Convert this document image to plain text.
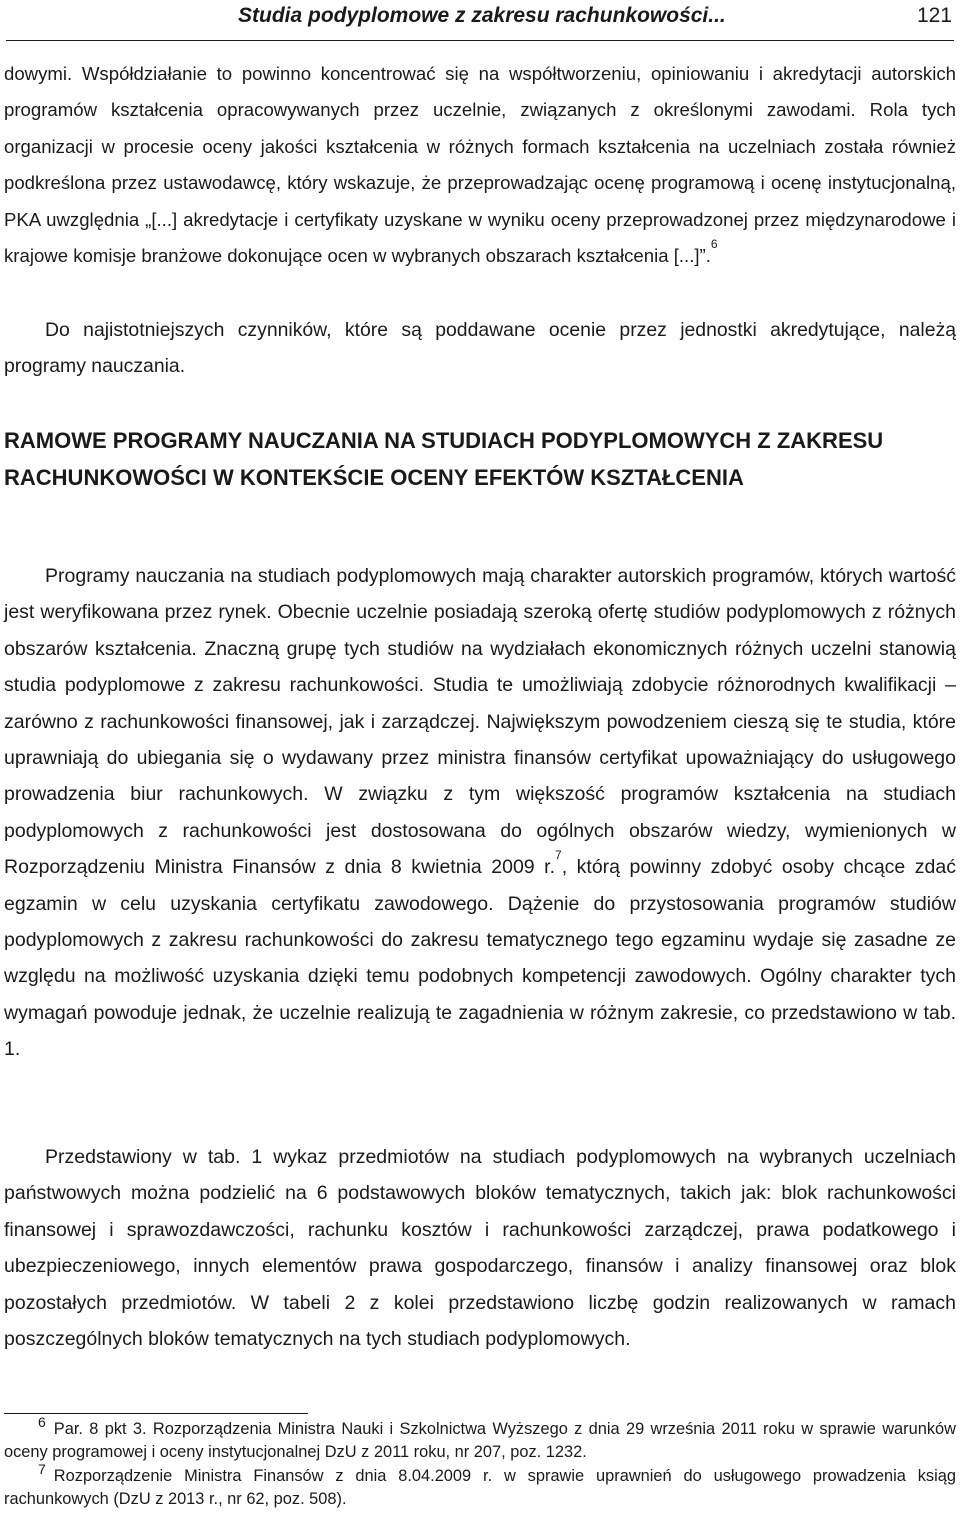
Studia podyplomowe z zakresu rachunkowości...	121

dowymi. Współdziałanie to powinno koncentrować się na współtworzeniu, opiniowaniu i akredytacji autorskich programów kształcenia opracowywanych przez uczelnie, związanych z określonymi zawodami. Rola tych organizacji w procesie oceny jakości kształcenia w różnych formach kształcenia na uczelniach została również podkreślona przez ustawodawcę, który wskazuje, że przeprowadzając ocenę programową i ocenę instytucjonalną, PKA uwzględnia „[...] akredytacje i certyfikaty uzyskane w wyniku oceny przeprowadzonej przez międzynarodowe i krajowe komisje branżowe dokonujące ocen w wybranych obszarach kształcenia [...]”.$^6$

Do najistotniejszych czynników, które są poddawane ocenie przez jednostki akredytujące, należą programy nauczania.

RAMOWE PROGRAMY NAUCZANIA NA STUDIACH PODYPLOMOWYCH Z ZAKRESU RACHUNKOWOŚCI W KONTEKŚCIE OCENY EFEKTÓW KSZTAŁCENIA

Programy nauczania na studiach podyplomowych mają charakter autorskich programów, których wartość jest weryfikowana przez rynek. Obecnie uczelnie posiadają szeroką ofertę studiów podyplomowych z różnych obszarów kształcenia. Znaczną grupę tych studiów na wydziałach ekonomicznych różnych uczelni stanowią studia podyplomowe z zakresu rachunkowości. Studia te umożliwiają zdobycie różnorodnych kwalifikacji – zarówno z rachunkowości finansowej, jak i zarządczej. Największym powodzeniem cieszą się te studia, które uprawniają do ubiegania się o wydawany przez ministra finansów certyfikat upoważniający do usługowego prowadzenia biur rachunkowych. W związku z tym większość programów kształcenia na studiach podyplomowych z rachunkowości jest dostosowana do ogólnych obszarów wiedzy, wymienionych w Rozporządzeniu Ministra Finansów z dnia 8 kwietnia 2009 r.$^7$, którą powinny zdobyć osoby chcące zdać egzamin w celu uzyskania certyfikatu zawodowego. Dążenie do przystosowania programów studiów podyplomowych z zakresu rachunkowości do zakresu tematycznego tego egzaminu wydaje się zasadne ze względu na możliwość uzyskania dzięki temu podobnych kompetencji zawodowych. Ogólny charakter tych wymagań powoduje jednak, że uczelnie realizują te zagadnienia w różnym zakresie, co przedstawiono w tab. 1.

Przedstawiony w tab. 1 wykaz przedmiotów na studiach podyplomowych na wybranych uczelniach państwowych można podzielić na 6 podstawowych bloków tematycznych, takich jak: blok rachunkowości finansowej i sprawozdawczości, rachunku kosztów i rachunkowości zarządczej, prawa podatkowego i ubezpieczeniowego, innych elementów prawa gospodarczego, finansów i analizy finansowej oraz blok pozostałych przedmiotów. W tabeli 2 z kolei przedstawiono liczbę godzin realizowanych w ramach poszczególnych bloków tematycznych na tych studiach podyplomowych.

6 Par. 8 pkt 3. Rozporządzenia Ministra Nauki i Szkolnictwa Wyższego z dnia 29 września 2011 roku w sprawie warunków oceny programowej i oceny instytucjonalnej DzU z 2011 roku, nr 207, poz. 1232.

7 Rozporządzenie Ministra Finansów z dnia 8.04.2009 r. w sprawie uprawnień do usługowego prowadzenia ksiąg rachunkowych (DzU z 2013 r., nr 62, poz. 508).
